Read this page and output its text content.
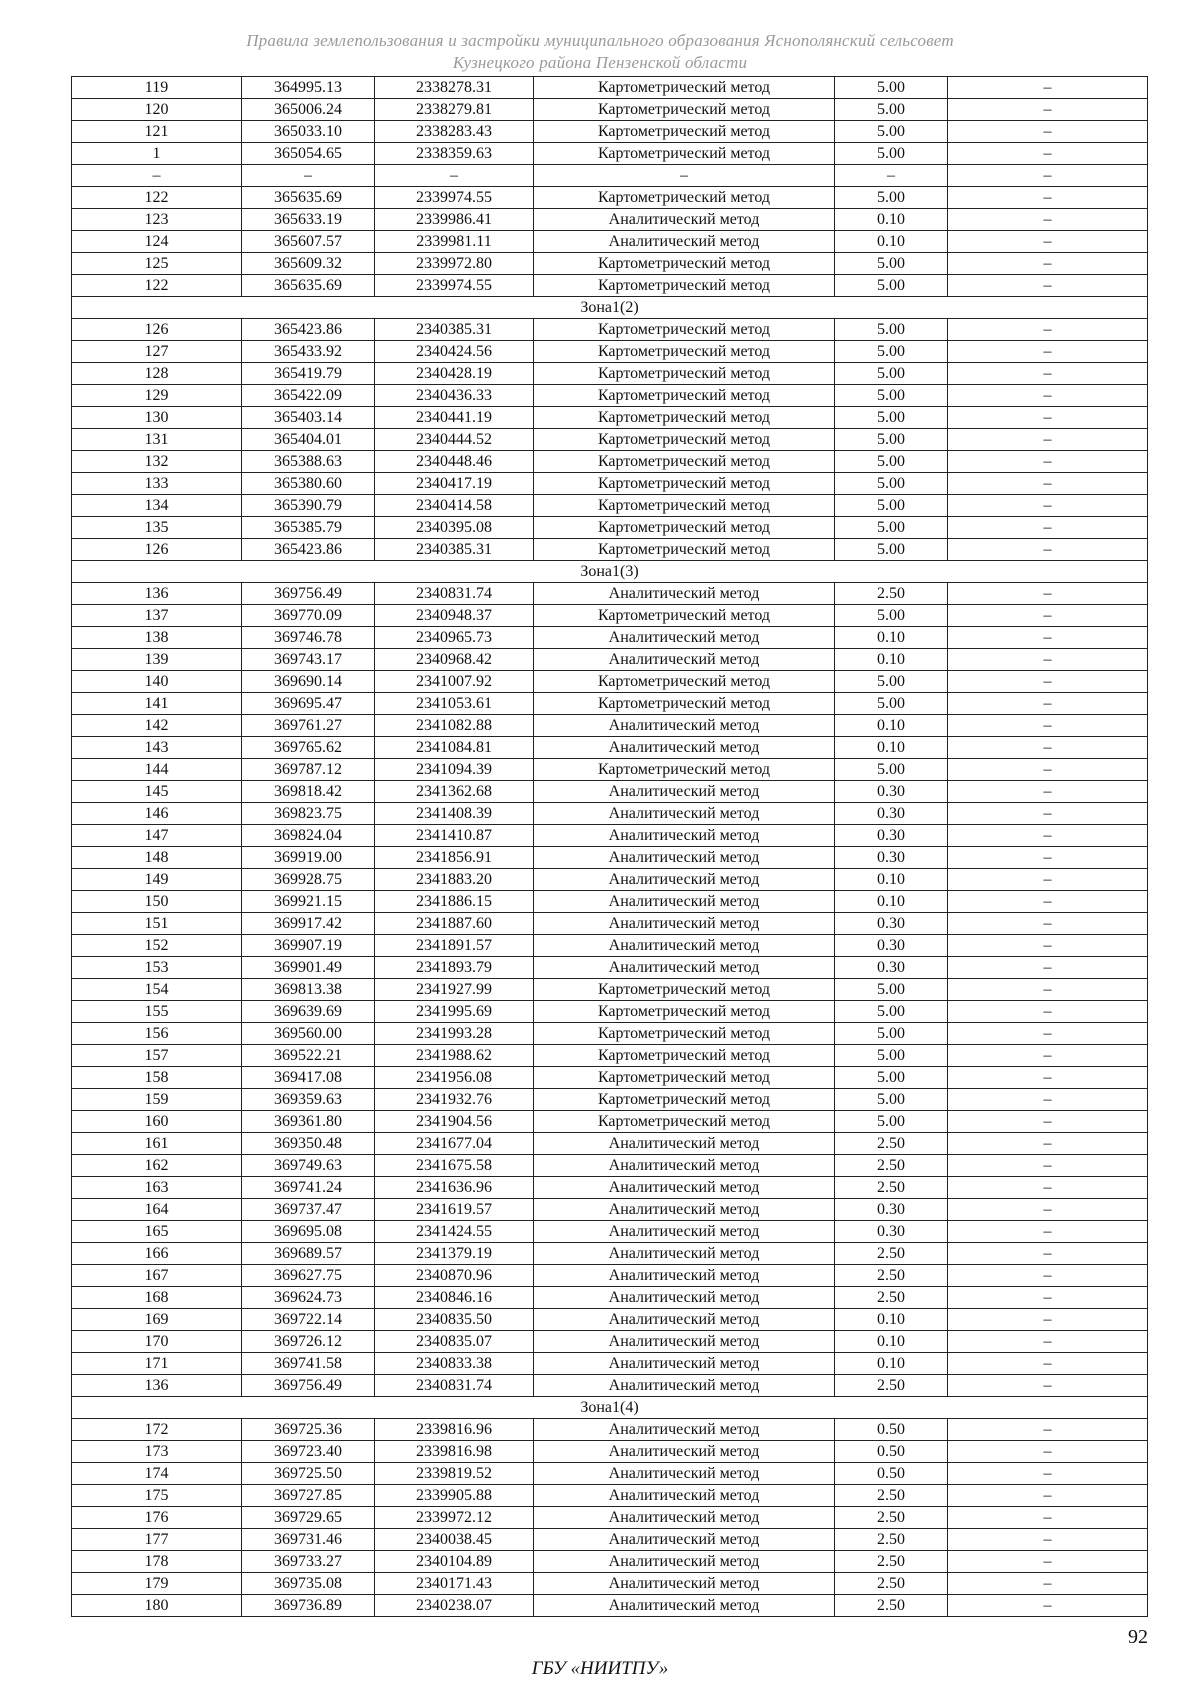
Правила землепользования и застройки муниципального образования Яснополянский сельсовет
Кузнецкого района Пензенской области
119	364995.13	2338278.31	Картометрический метод	5.00	–
120	365006.24	2338279.81	Картометрический метод	5.00	–
121	365033.10	2338283.43	Картометрический метод	5.00	–
1	365054.65	2338359.63	Картометрический метод	5.00	–
–	–	–	–	–	–
122	365635.69	2339974.55	Картометрический метод	5.00	–
123	365633.19	2339986.41	Аналитический метод	0.10	–
124	365607.57	2339981.11	Аналитический метод	0.10	–
125	365609.32	2339972.80	Картометрический метод	5.00	–
122	365635.69	2339974.55	Картометрический метод	5.00	–
Зона1(2)					
126	365423.86	2340385.31	Картометрический метод	5.00	–
127	365433.92	2340424.56	Картометрический метод	5.00	–
128	365419.79	2340428.19	Картометрический метод	5.00	–
129	365422.09	2340436.33	Картометрический метод	5.00	–
130	365403.14	2340441.19	Картометрический метод	5.00	–
131	365404.01	2340444.52	Картометрический метод	5.00	–
132	365388.63	2340448.46	Картометрический метод	5.00	–
133	365380.60	2340417.19	Картометрический метод	5.00	–
134	365390.79	2340414.58	Картометрический метод	5.00	–
135	365385.79	2340395.08	Картометрический метод	5.00	–
126	365423.86	2340385.31	Картометрический метод	5.00	–
Зона1(3)					
136	369756.49	2340831.74	Аналитический метод	2.50	–
137	369770.09	2340948.37	Картометрический метод	5.00	–
138	369746.78	2340965.73	Аналитический метод	0.10	–
139	369743.17	2340968.42	Аналитический метод	0.10	–
140	369690.14	2341007.92	Картометрический метод	5.00	–
141	369695.47	2341053.61	Картометрический метод	5.00	–
142	369761.27	2341082.88	Аналитический метод	0.10	–
143	369765.62	2341084.81	Аналитический метод	0.10	–
144	369787.12	2341094.39	Картометрический метод	5.00	–
145	369818.42	2341362.68	Аналитический метод	0.30	–
146	369823.75	2341408.39	Аналитический метод	0.30	–
147	369824.04	2341410.87	Аналитический метод	0.30	–
148	369919.00	2341856.91	Аналитический метод	0.30	–
149	369928.75	2341883.20	Аналитический метод	0.10	–
150	369921.15	2341886.15	Аналитический метод	0.10	–
151	369917.42	2341887.60	Аналитический метод	0.30	–
152	369907.19	2341891.57	Аналитический метод	0.30	–
153	369901.49	2341893.79	Аналитический метод	0.30	–
154	369813.38	2341927.99	Картометрический метод	5.00	–
155	369639.69	2341995.69	Картометрический метод	5.00	–
156	369560.00	2341993.28	Картометрический метод	5.00	–
157	369522.21	2341988.62	Картометрический метод	5.00	–
158	369417.08	2341956.08	Картометрический метод	5.00	–
159	369359.63	2341932.76	Картометрический метод	5.00	–
160	369361.80	2341904.56	Картометрический метод	5.00	–
161	369350.48	2341677.04	Аналитический метод	2.50	–
162	369749.63	2341675.58	Аналитический метод	2.50	–
163	369741.24	2341636.96	Аналитический метод	2.50	–
164	369737.47	2341619.57	Аналитический метод	0.30	–
165	369695.08	2341424.55	Аналитический метод	0.30	–
166	369689.57	2341379.19	Аналитический метод	2.50	–
167	369627.75	2340870.96	Аналитический метод	2.50	–
168	369624.73	2340846.16	Аналитический метод	2.50	–
169	369722.14	2340835.50	Аналитический метод	0.10	–
170	369726.12	2340835.07	Аналитический метод	0.10	–
171	369741.58	2340833.38	Аналитический метод	0.10	–
136	369756.49	2340831.74	Аналитический метод	2.50	–
Зона1(4)					
172	369725.36	2339816.96	Аналитический метод	0.50	–
173	369723.40	2339816.98	Аналитический метод	0.50	–
174	369725.50	2339819.52	Аналитический метод	0.50	–
175	369727.85	2339905.88	Аналитический метод	2.50	–
176	369729.65	2339972.12	Аналитический метод	2.50	–
177	369731.46	2340038.45	Аналитический метод	2.50	–
178	369733.27	2340104.89	Аналитический метод	2.50	–
179	369735.08	2340171.43	Аналитический метод	2.50	–
180	369736.89	2340238.07	Аналитический метод	2.50	–
92
ГБУ «НИИТПУ»
